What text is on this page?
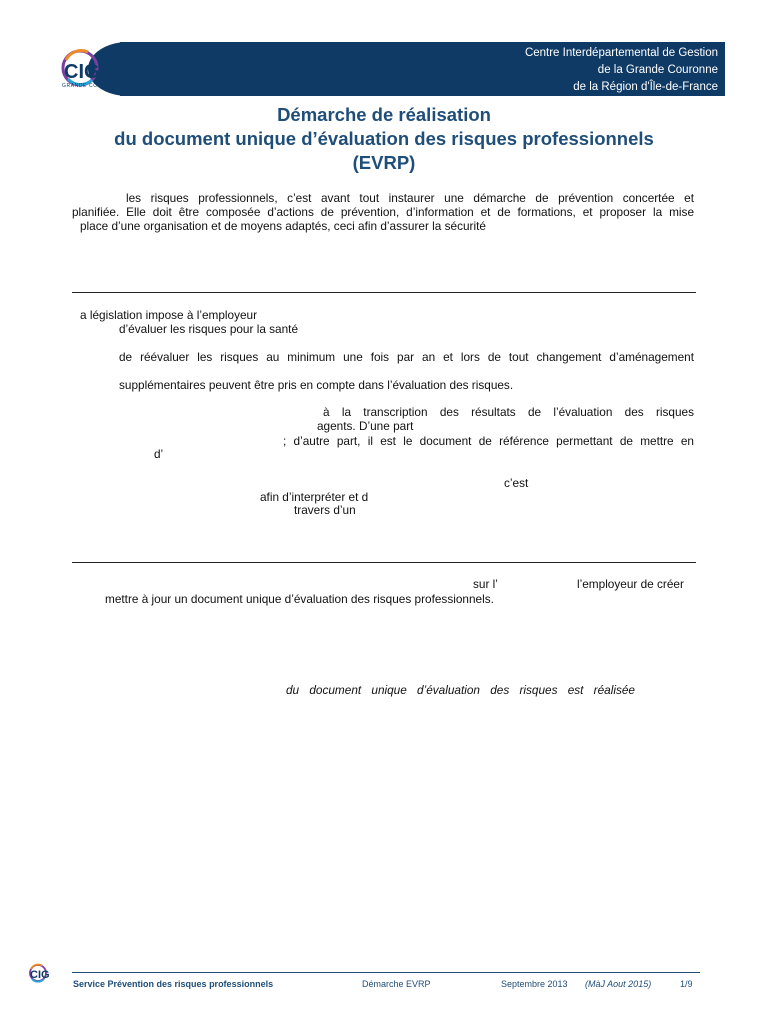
CIG
GRANDE COURONNE
Centre Interdépartemental de Gestion
de la Grande Couronne
de la Région d'Île-de-France
Démarche de réalisation
du document unique d’évaluation des risques professionnels
(EVRP)
les risques professionnels, c’est avant tout instaurer une démarche de prévention concertée et
planifiée. Elle doit être composée d’actions de prévention, d’information et de formations, et proposer la mise
place d’une organisation et de moyens adaptés, ceci afin d’assurer la sécurité
a législation impose à l’employeur
d’évaluer les risques pour la santé
de réévaluer les risques au minimum une fois par an et lors de tout changement d’aménagement
supplémentaires peuvent être pris en compte dans l’évaluation des risques.
à la transcription des résultats de l’évaluation des risques
agents. D’une part
; d’autre part, il est le document de référence permettant de mettre en
d’
c’est
afin d’interpréter et d
travers d’un
sur l’	l’employeur de créer
mettre à jour un document unique d’évaluation des risques professionnels.
du document unique d’évaluation des risques est réalisée
CIG
Service Prévention des risques professionnels	Démarche EVRP	Septembre 2013 (MàJ Aout 2015)	1/9
